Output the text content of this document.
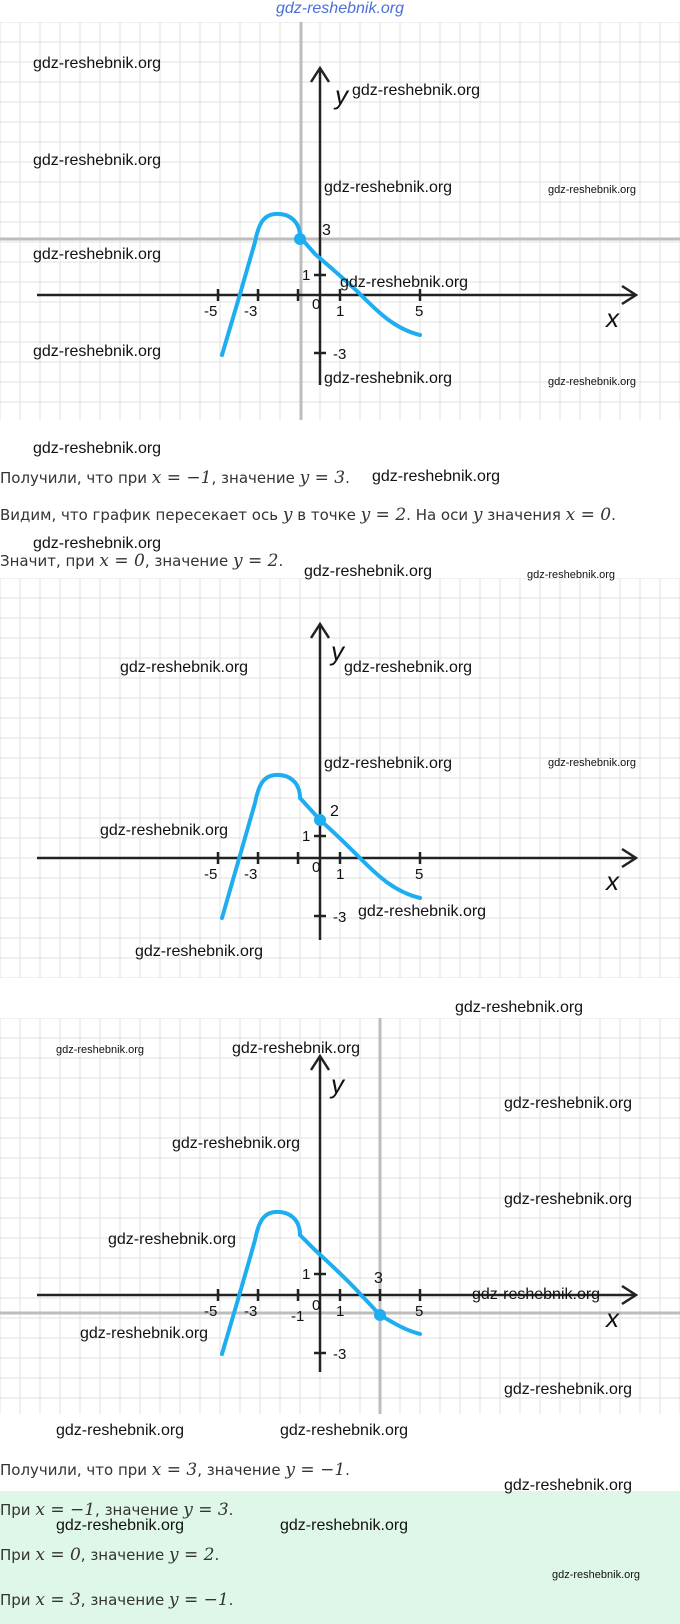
gdz-reshebnik.org
y
x
-5 -3	0 1	5
1
-3
3
Получили, что при x = −1, значение y = 3.
Видим, что график пересекает ось y в точке y = 2. На оси y значения x = 0.
Значит, при x = 0, значение y = 2.
y
x
-5 -3	0 1	5
1
-3
2
y
x
-5 -3 -1
0 1	5
1
-3
3
Получили, что при x = 3, значение y = −1.
При x = −1, значение y = 3.
При x = 0, значение y = 2.
При x = 3, значение y = −1.
gdz-reshebnik.org
gdz-reshebnik.org
gdz-reshebnik.org
gdz-reshebnik.org	gdz-reshebnik.org
gdz-reshebnik.org
gdz-reshebnik.org
gdz-reshebnik.org
gdz-reshebnik.org	gdz-reshebnik.org
gdz-reshebnik.org
gdz-reshebnik.org
gdz-reshebnik.org
gdz-reshebnik.org	gdz-reshebnik.org
gdz-reshebnik.org	gdz-reshebnik.org
gdz-reshebnik.org	gdz-reshebnik.org
gdz-reshebnik.org
gdz-reshebnik.org
gdz-reshebnik.org
gdz-reshebnik.org
gdz-reshebnik.org	gdz-reshebnik.org
gdz-reshebnik.org
gdz-reshebnik.org
gdz-reshebnik.org
gdz-reshebnik.org
gdz-reshebnik.org
gdz-reshebnik.org
gdz-reshebnik.org
gdz-reshebnik.org	gdz-reshebnik.org
gdz-reshebnik.org
gdz-reshebnik.org	gdz-reshebnik.org
gdz-reshebnik.org
